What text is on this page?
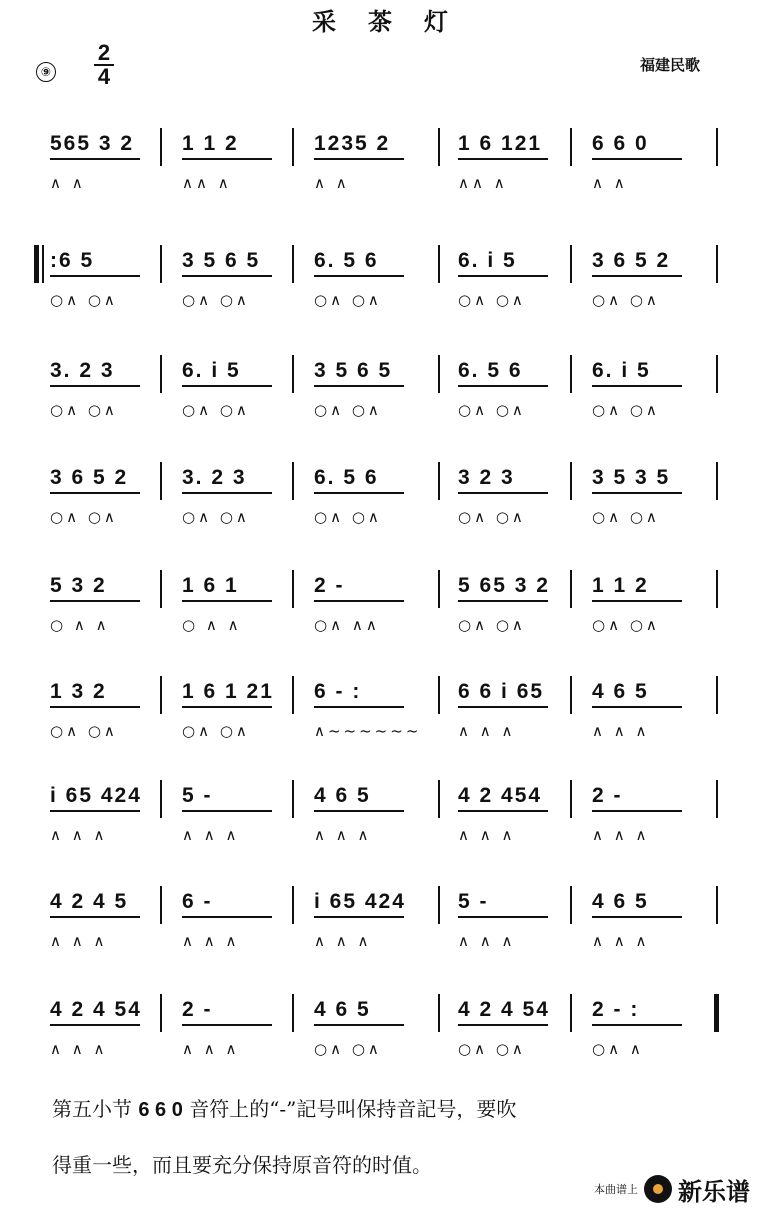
采茶灯
⑨
2
4	福建民歌
565 3 2
∧ ∧
1 1 2
∧∧ ∧
1235 2
∧ ∧
1 6 121
∧∧ ∧
6 6 0
∧ ∧
:6 5
○∧ ○∧
3 5 6 5
○∧ ○∧
6. 5 6
○∧ ○∧
6. i 5
○∧ ○∧
3 6 5 2
○∧ ○∧
3. 2 3
○∧ ○∧
6. i 5
○∧ ○∧
3 5 6 5
○∧ ○∧
6. 5 6
○∧ ○∧
6. i 5
○∧ ○∧
3 6 5 2
○∧ ○∧
3. 2 3
○∧ ○∧
6. 5 6
○∧ ○∧
3 2 3
○∧ ○∧
3 5 3 5
○∧ ○∧
5 3 2
○ ∧ ∧
1 6 1
○ ∧ ∧
2 -
○∧ ∧∧
5 65 3 2
○∧ ○∧
1 1 2
○∧ ○∧
1 3 2
○∧ ○∧
1 6 1 21
○∧ ○∧
6 - :
∧~~~~~~
6 6 i 65
∧ ∧ ∧
4 6 5
∧ ∧ ∧
i 65 424
∧ ∧ ∧
5 -
∧ ∧ ∧
4 6 5
∧ ∧ ∧
4 2 454
∧ ∧ ∧
2 -
∧ ∧ ∧
4 2 4 5
∧ ∧ ∧
6 -
∧ ∧ ∧
i 65 424
∧ ∧ ∧
5 -
∧ ∧ ∧
4 6 5
∧ ∧ ∧
4 2 4 54
∧ ∧ ∧
2 -
∧ ∧ ∧
4 6 5
○∧ ○∧
4 2 4 54
○∧ ○∧
2 - :
○∧ ∧
第五小节 6 6 0 音符上的“-”記号叫保持音記号，要吹
得重一些，而且要充分保持原音符的时值。
本曲谱上 新乐谱
